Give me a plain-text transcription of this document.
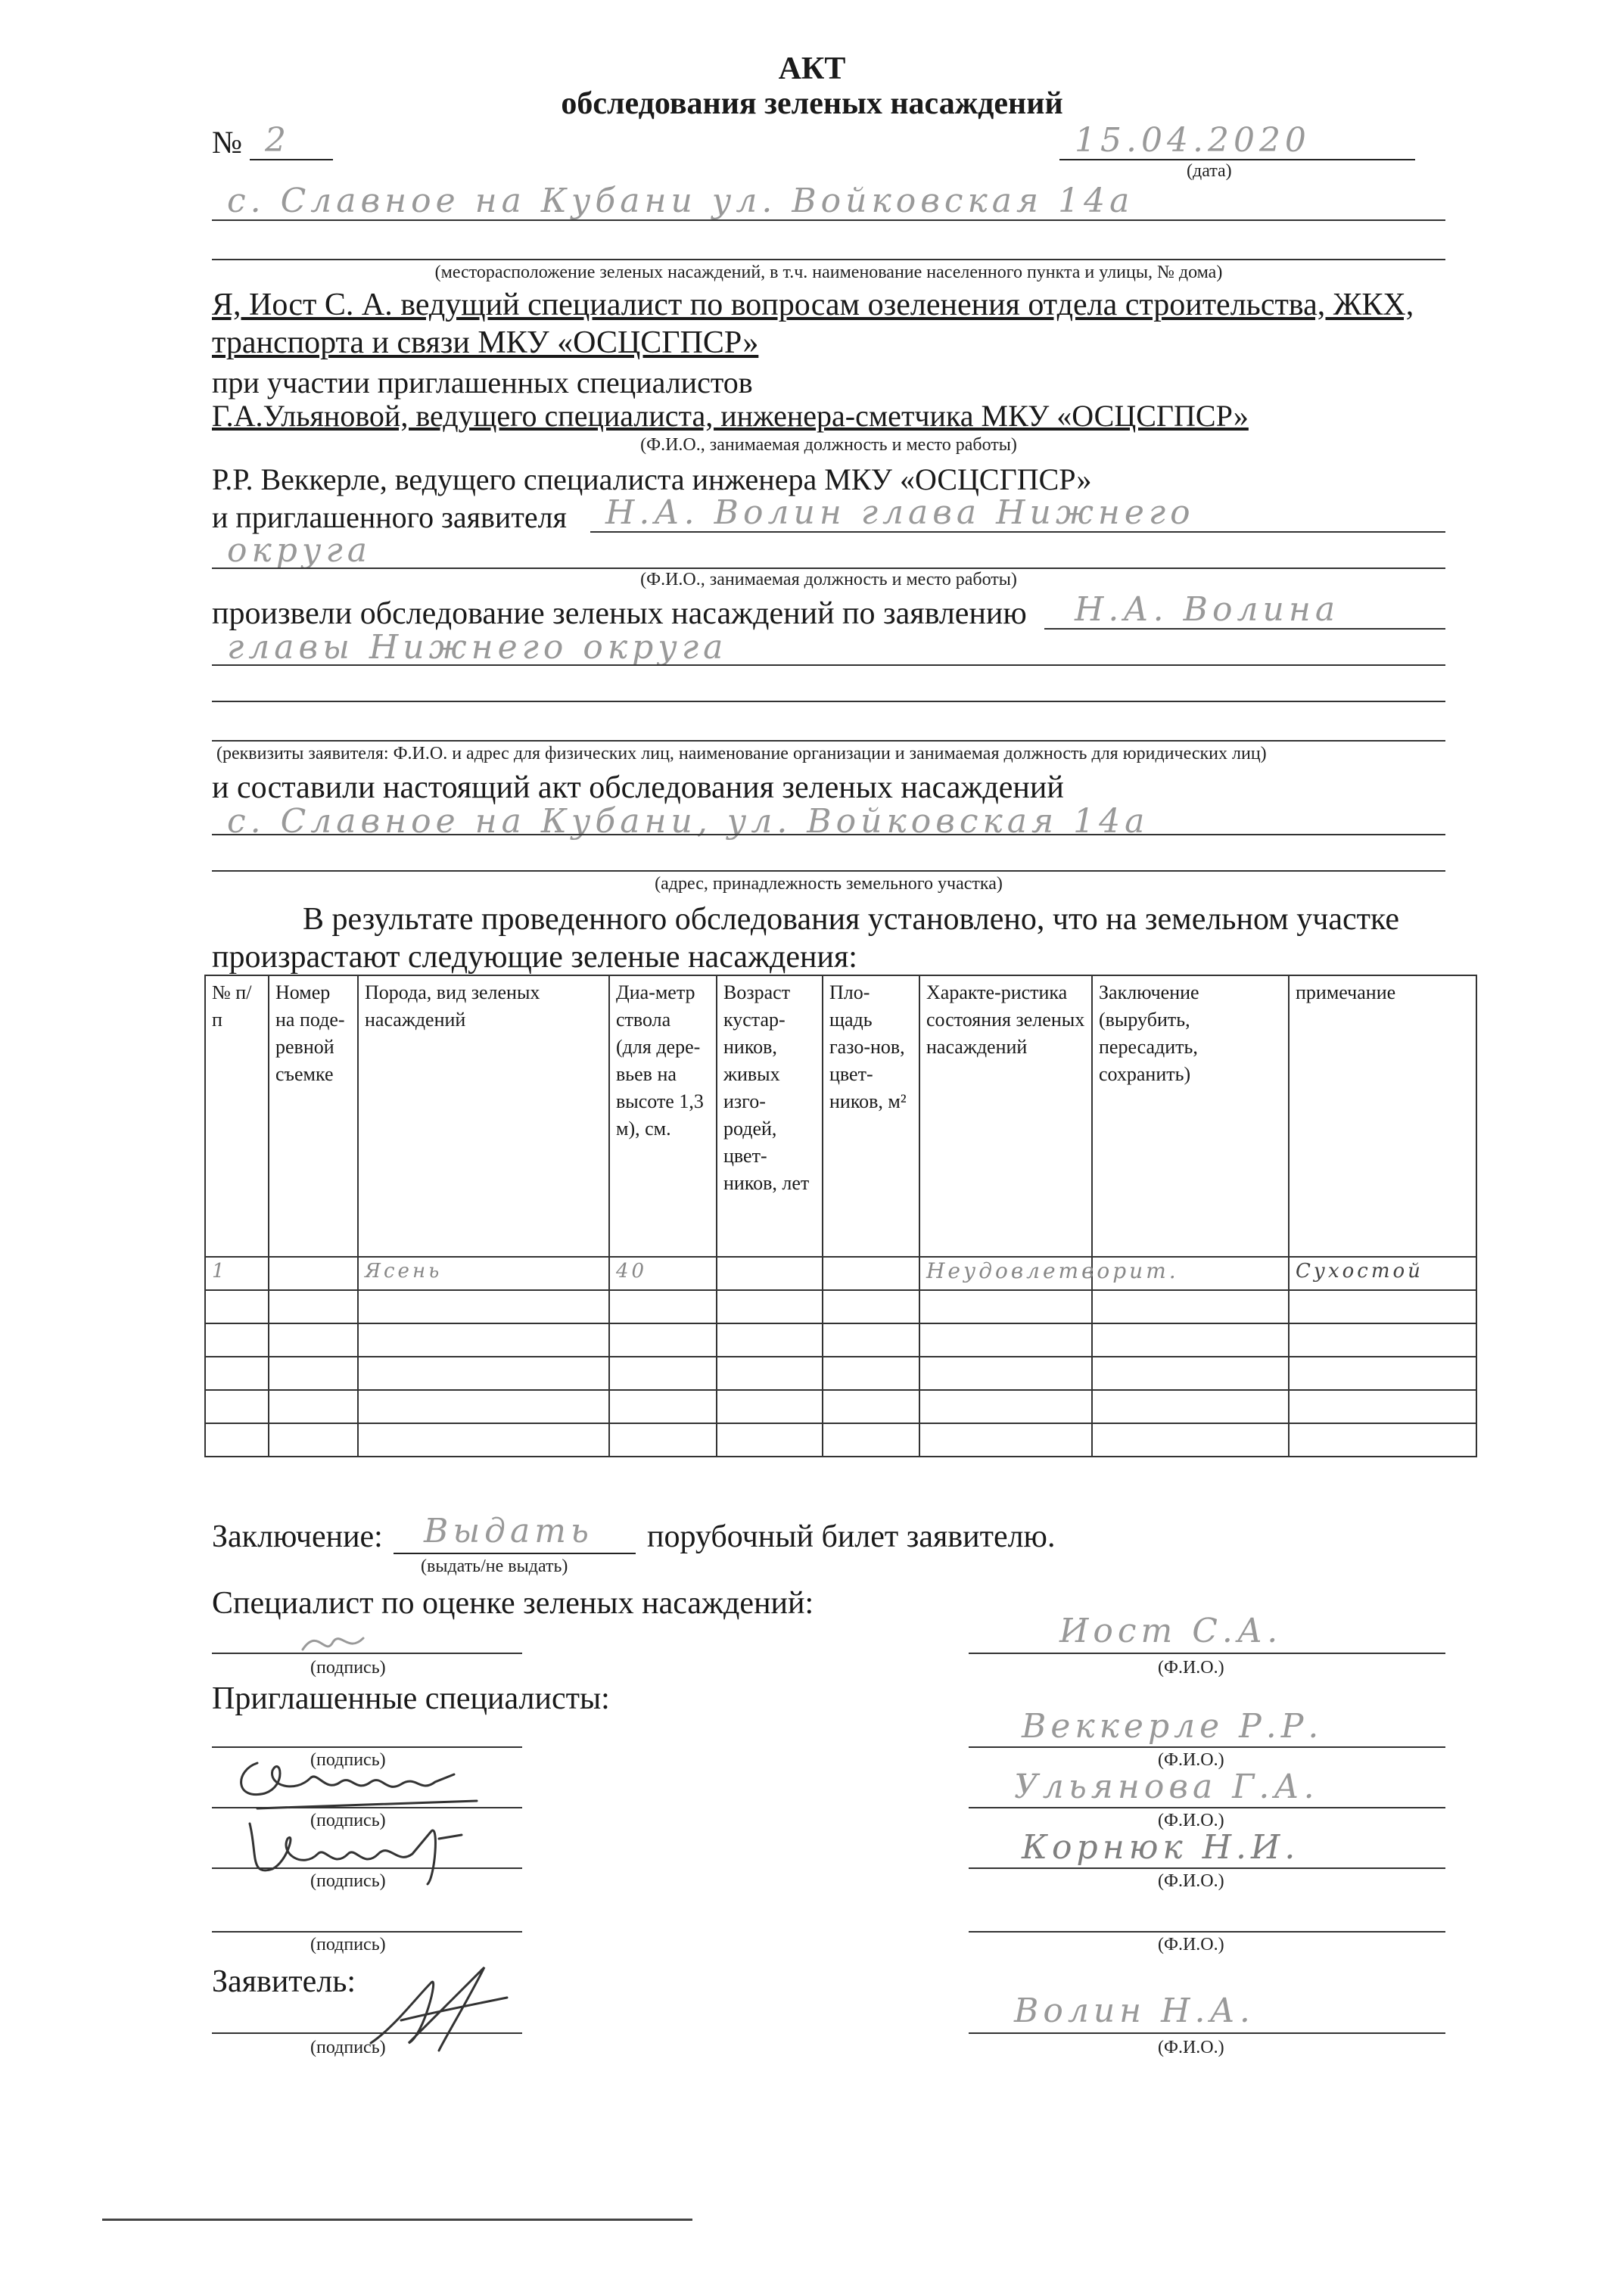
АКТ
обследования зеленых насаждений
№ 2	15.04.2020
(дата)
с. Славное на Кубани ул. Войковская 14а
(месторасположение зеленых насаждений, в т.ч. наименование населенного пункта и улицы, № дома)
Я, Иост С. А. ведущий специалист по вопросам озеленения отдела строительства, ЖКХ,
транспорта и связи МКУ «ОСЦСГПСР»
при участии приглашенных специалистов
Г.А.Ульяновой, ведущего специалиста, инженера-сметчика МКУ «ОСЦСГПСР»
(Ф.И.О., занимаемая должность и место работы)
Р.Р. Веккерле, ведущего специалиста инженера МКУ «ОСЦСГПСР»
и приглашенного заявителя Н.А. Волин глава Нижнего
округа
(Ф.И.О., занимаемая должность и место работы)
произвели обследование зеленых насаждений по заявлению Н.А. Волина
главы Нижнего округа
(реквизиты заявителя: Ф.И.О. и адрес для физических лиц, наименование организации и занимаемая должность для юридических лиц)
и составили настоящий акт обследования зеленых насаждений
с. Славное на Кубани, ул. Войковская 14а
(адрес, принадлежность земельного участка)
В результате проведенного обследования установлено, что на земельном участке
произрастают следующие зеленые насаждения:
№ п/п	Номер на поде-ревной съемке	Порода, вид зеленых насаждений	Диа-метр ствола (для дере-вьев на высоте 1,3 м), см.	Возраст кустар-ников, живых изго-родей, цвет-ников, лет	Пло-щадь газо-нов, цвет-ников, м²	Характе-ристика состояния зеленых насаждений	Заключение (вырубить, пересадить, сохранить)	примечание
1		Ясень	40			Неудовлетворит.		Сухостой

Заключение: Выдать порубочный билет заявителю.
(выдать/не выдать)
Специалист по оценке зеленых насаждений:
(подпись)
Иост С.А.
(Ф.И.О.)
Приглашенные специалисты:
(подпись)
Веккерле Р.Р.
(Ф.И.О.)
(подпись)
Ульянова Г.А.
(Ф.И.О.)
(подпись)
Корнюк Н.И.
(Ф.И.О.)
(подпись)	(Ф.И.О.)
Заявитель:
(подпись)
Волин Н.А.
(Ф.И.О.)
